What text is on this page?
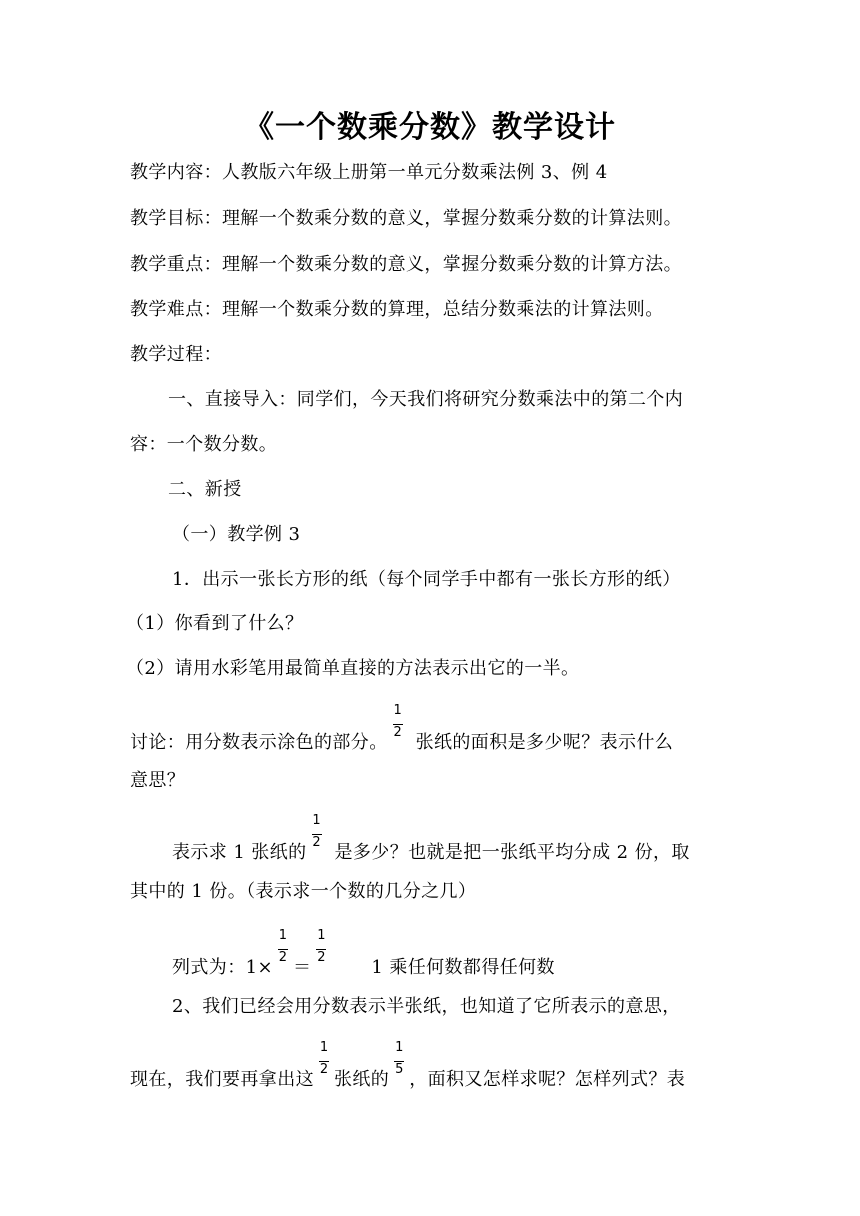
《一个数乘分数》教学设计
教学内容：人教版六年级上册第一单元分数乘法例 3、例 4
教学目标：理解一个数乘分数的意义，掌握分数乘分数的计算法则。
教学重点：理解一个数乘分数的意义，掌握分数乘分数的计算方法。
教学难点：理解一个数乘分数的算理，总结分数乘法的计算法则。
教学过程：
一、直接导入：同学们，今天我们将研究分数乘法中的第二个内
容：一个数分数。
二、新授
（一）教学例 3
1．出示一张长方形的纸（每个同学手中都有一张长方形的纸）
（1）你看到了什么？
（2）请用水彩笔用最简单直接的方法表示出它的一半。
讨论：用分数表示涂色的部分。 $\frac{1}{2}$ 张纸的面积是多少呢？表示什么
意思？
表示求 1 张纸的 $\frac{1}{2}$ 是多少？也就是把一张纸平均分成 2 份，取
其中的 1 份。（表示求一个数的几分之几）
列式为：$1\times \frac{1}{2} = \frac{1}{2} 1$ 乘任何数都得任何数
2、我们已经会用分数表示半张纸，也知道了它所表示的意思，
现在，我们要再拿出这 $\frac{1}{2}$ 张纸的 $\frac{1}{5}$ ，面积又怎样求呢？怎样列式？表
